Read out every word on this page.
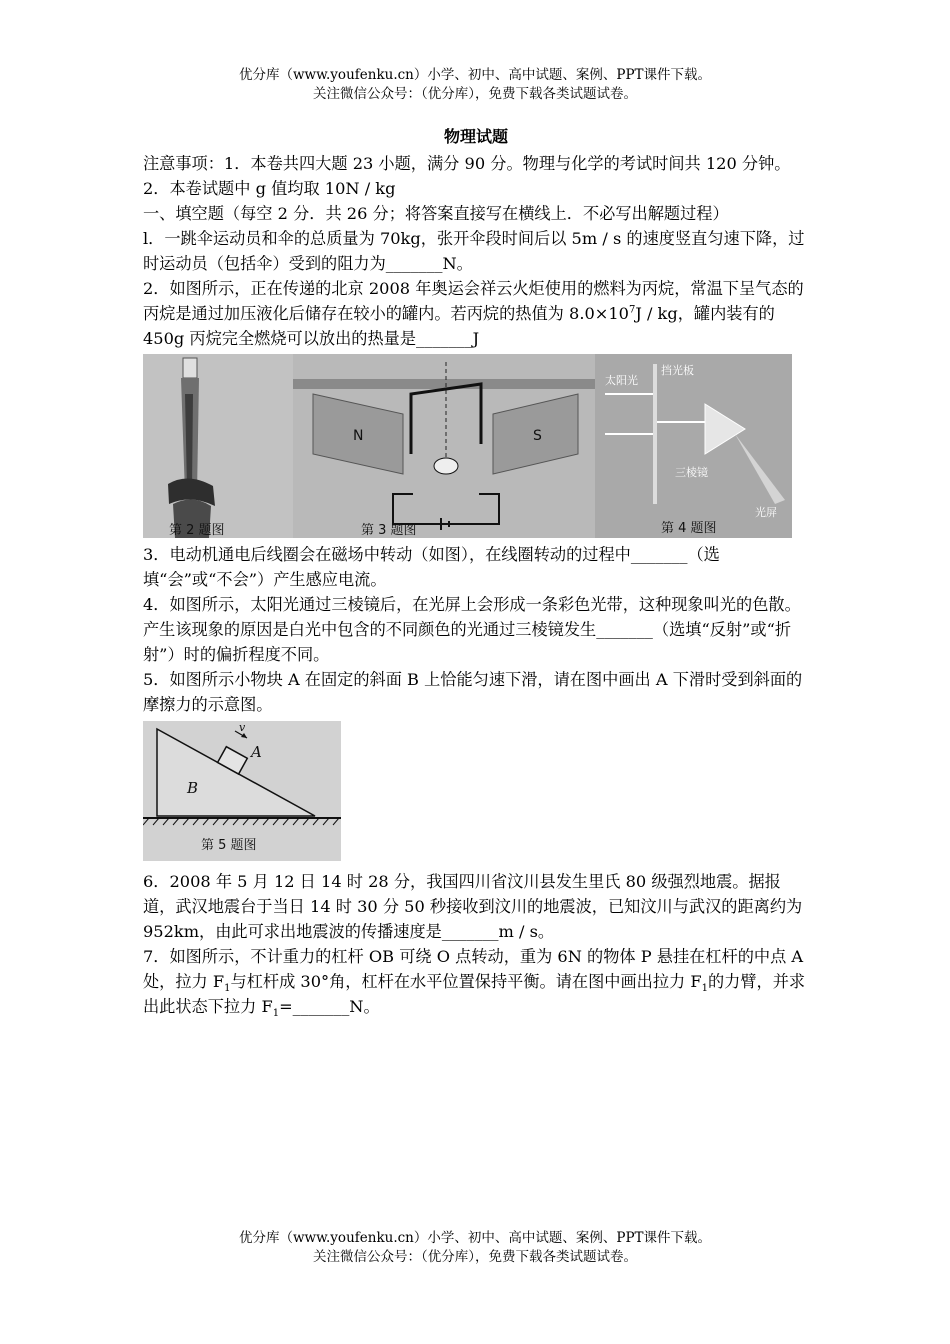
优分库（www.youfenku.cn）小学、初中、高中试题、案例、PPT课件下载。
关注微信公众号：（优分库），免费下载各类试题试卷。
物理试题

注意事项：1．本卷共四大题 23 小题，满分 90 分。物理与化学的考试时间共 120 分钟。

2．本卷试题中 g 值均取 10N / kg

一、填空题（每空 2 分．共 26 分；将答案直接写在横线上．不必写出解题过程）

l．一跳伞运动员和伞的总质量为 70kg，张开伞段时间后以 5m / s 的速度竖直匀速下降，过时运动员（包括伞）受到的阻力为_______N。

2．如图所示，正在传递的北京 2008 年奥运会祥云火炬使用的燃料为丙烷，常温下呈气态的丙烷是通过加压液化后储存在较小的罐内。若丙烷的热值为 $8.0\times 10^7J$ / kg，罐内装有的 450g 丙烷完全燃烧可以放出的热量是_______J

第 2 题图
N	S
第 3 题图
太阳光
挡光板
三棱镜
光屏
第 4 题图

3．电动机通电后线圈会在磁场中转动（如图），在线圈转动的过程中_______（选填“会”或“不会”）产生感应电流。

4．如图所示，太阳光通过三棱镜后，在光屏上会形成一条彩色光带，这种现象叫光的色散。产生该现象的原因是白光中包含的不同颜色的光通过三棱镜发生_______（选填“反射”或“折射”）时的偏折程度不同。

5．如图所示小物块 A 在固定的斜面 B 上恰能匀速下滑，请在图中画出 A 下滑时受到斜面的摩擦力的示意图。

v
A
B
第 5 题图

6．2008 年 5 月 12 日 14 时 28 分，我国四川省汶川县发生里氏 80 级强烈地震。据报道，武汉地震台于当日 14 时 30 分 50 秒接收到汶川的地震波，已知汶川与武汉的距离约为 952km，由此可求出地震波的传播速度是_______m / s。

7．如图所示，不计重力的杠杆 OB 可绕 O 点转动，重为 6N 的物体 P 悬挂在杠杆的中点 A 处，拉力 $F_1$与杠杆成 30°角，杠杆在水平位置保持平衡。请在图中画出拉力 $F_1$的力臂，并求出此状态下拉力 $F_1=\_\_\_\_\_\_\_N$。

优分库（www.youfenku.cn）小学、初中、高中试题、案例、PPT课件下载。
关注微信公众号：（优分库），免费下载各类试题试卷。
